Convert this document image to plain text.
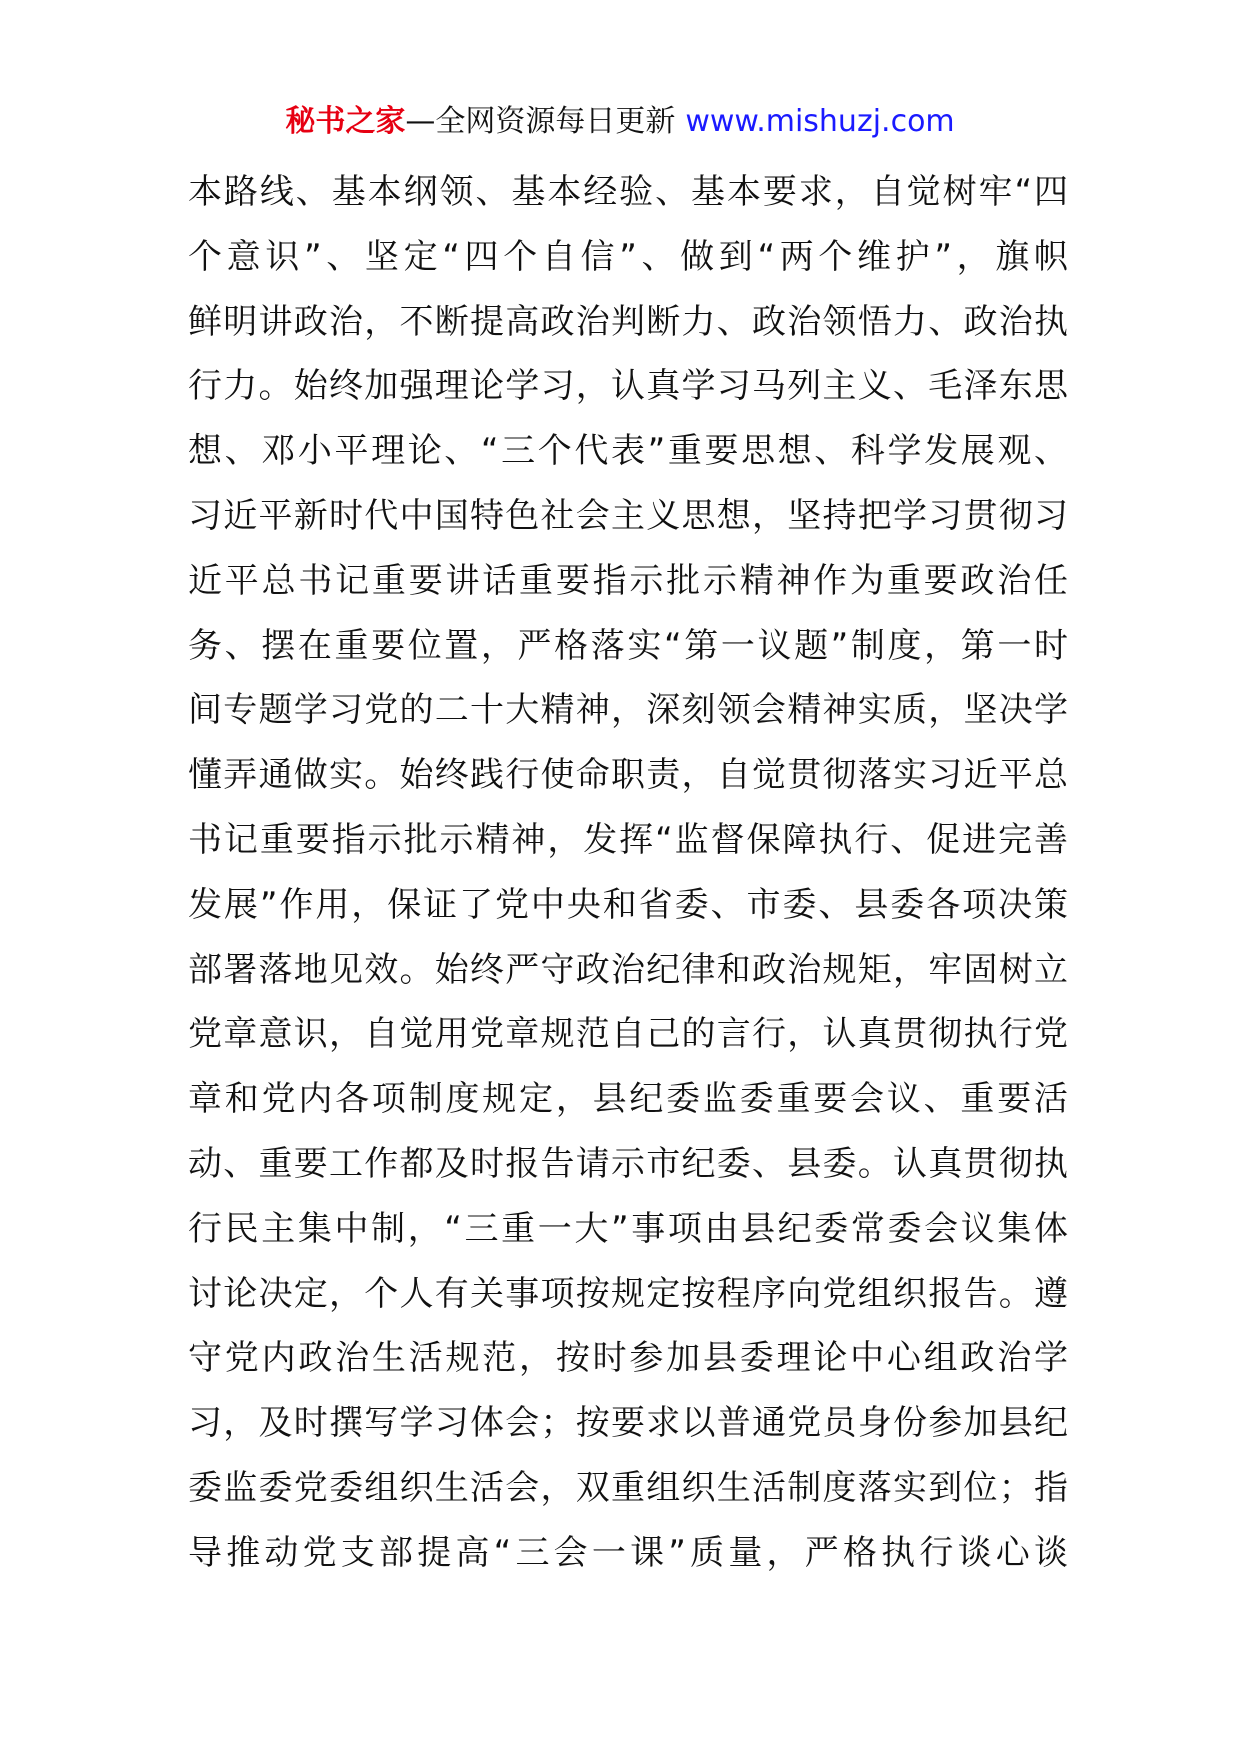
秘书之家—全网资源每日更新 www.mishuzj.com
本路线、基本纲领、基本经验、基本要求，自觉树牢“四
个意识”、坚定“四个自信”、做到“两个维护”，旗帜
鲜明讲政治，不断提高政治判断力、政治领悟力、政治执
行力。始终加强理论学习，认真学习马列主义、毛泽东思
想、邓小平理论、“三个代表”重要思想、科学发展观、
习近平新时代中国特色社会主义思想，坚持把学习贯彻习
近平总书记重要讲话重要指示批示精神作为重要政治任
务、摆在重要位置，严格落实“第一议题”制度，第一时
间专题学习党的二十大精神，深刻领会精神实质，坚决学
懂弄通做实。始终践行使命职责，自觉贯彻落实习近平总
书记重要指示批示精神，发挥“监督保障执行、促进完善
发展”作用，保证了党中央和省委、市委、县委各项决策
部署落地见效。始终严守政治纪律和政治规矩，牢固树立
党章意识，自觉用党章规范自己的言行，认真贯彻执行党
章和党内各项制度规定，县纪委监委重要会议、重要活
动、重要工作都及时报告请示市纪委、县委。认真贯彻执
行民主集中制，“三重一大”事项由县纪委常委会议集体
讨论决定，个人有关事项按规定按程序向党组织报告。遵
守党内政治生活规范，按时参加县委理论中心组政治学
习，及时撰写学习体会；按要求以普通党员身份参加县纪
委监委党委组织生活会，双重组织生活制度落实到位；指
导推动党支部提高“三会一课”质量，严格执行谈心谈
